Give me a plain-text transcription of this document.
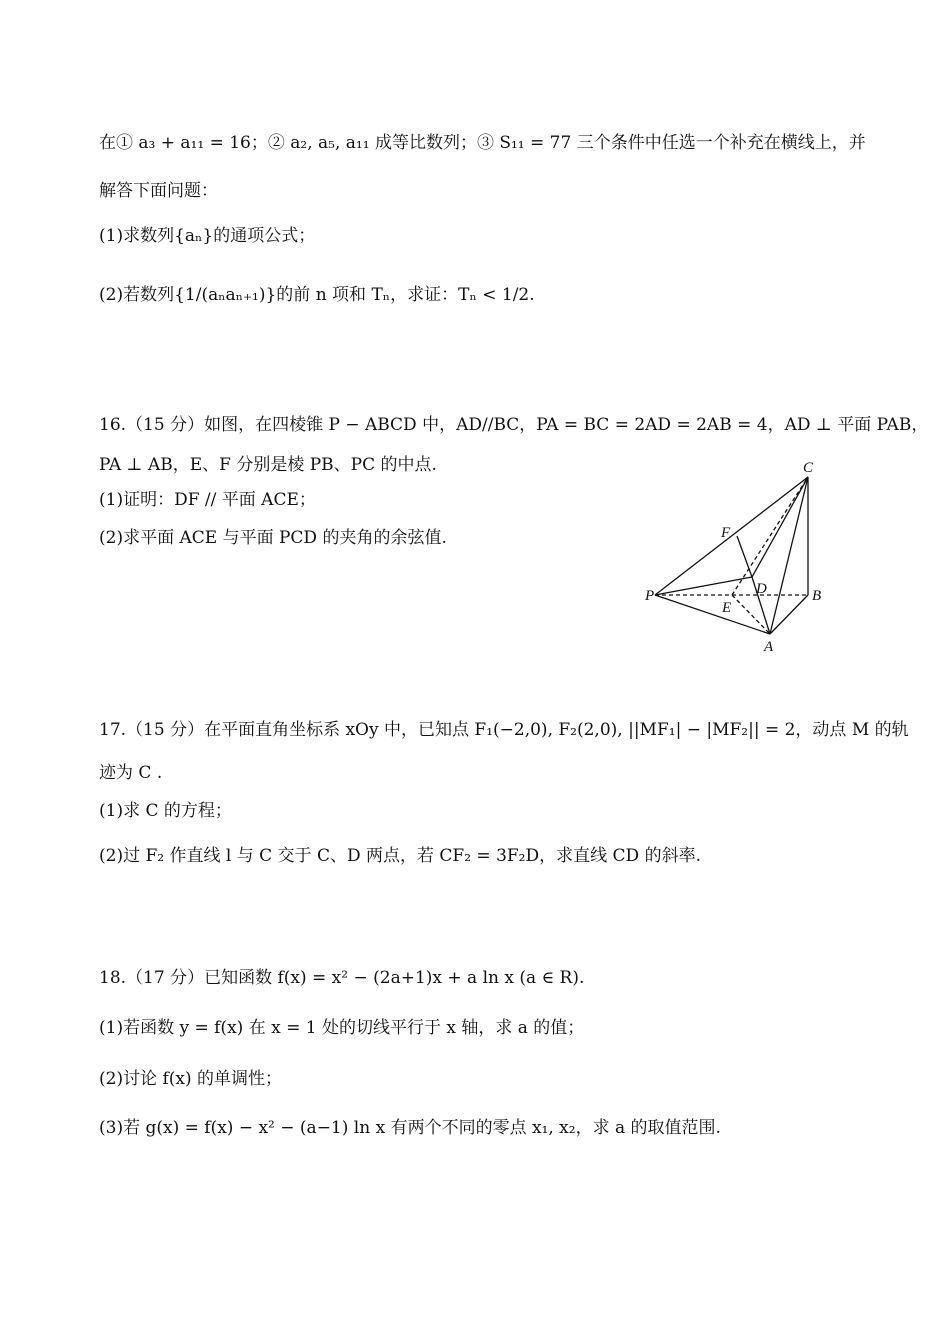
在① a₃ + a₁₁ = 16；② a₂, a₅, a₁₁ 成等比数列；③ S₁₁ = 77 三个条件中任选一个补充在横线上，并
解答下面问题：
(1)求数列{aₙ}的通项公式；
(2)若数列{1/(aₙaₙ₊₁)}的前 n 项和 Tₙ，求证：Tₙ < 1/2.
16.（15 分）如图，在四棱锥 P − ABCD 中，AD//BC，PA = BC = 2AD = 2AB = 4，AD ⊥ 平面 PAB，
PA ⊥ AB，E、F 分别是棱 PB、PC 的中点.
(1)证明：DF // 平面 ACE；
(2)求平面 ACE 与平面 PCD 的夹角的余弦值.
C
F
D
P
E
B
A
17.（15 分）在平面直角坐标系 xOy 中，已知点 F₁(−2,0), F₂(2,0), ||MF₁| − |MF₂|| = 2，动点 M 的轨
迹为 C .
(1)求 C 的方程；
(2)过 F₂ 作直线 l 与 C 交于 C、D 两点，若 CF₂ = 3F₂D，求直线 CD 的斜率.
18.（17 分）已知函数 f(x) = x² − (2a+1)x + a ln x (a ∈ R).
(1)若函数 y = f(x) 在 x = 1 处的切线平行于 x 轴，求 a 的值；
(2)讨论 f(x) 的单调性；
(3)若 g(x) = f(x) − x² − (a−1) ln x 有两个不同的零点 x₁, x₂，求 a 的取值范围.
